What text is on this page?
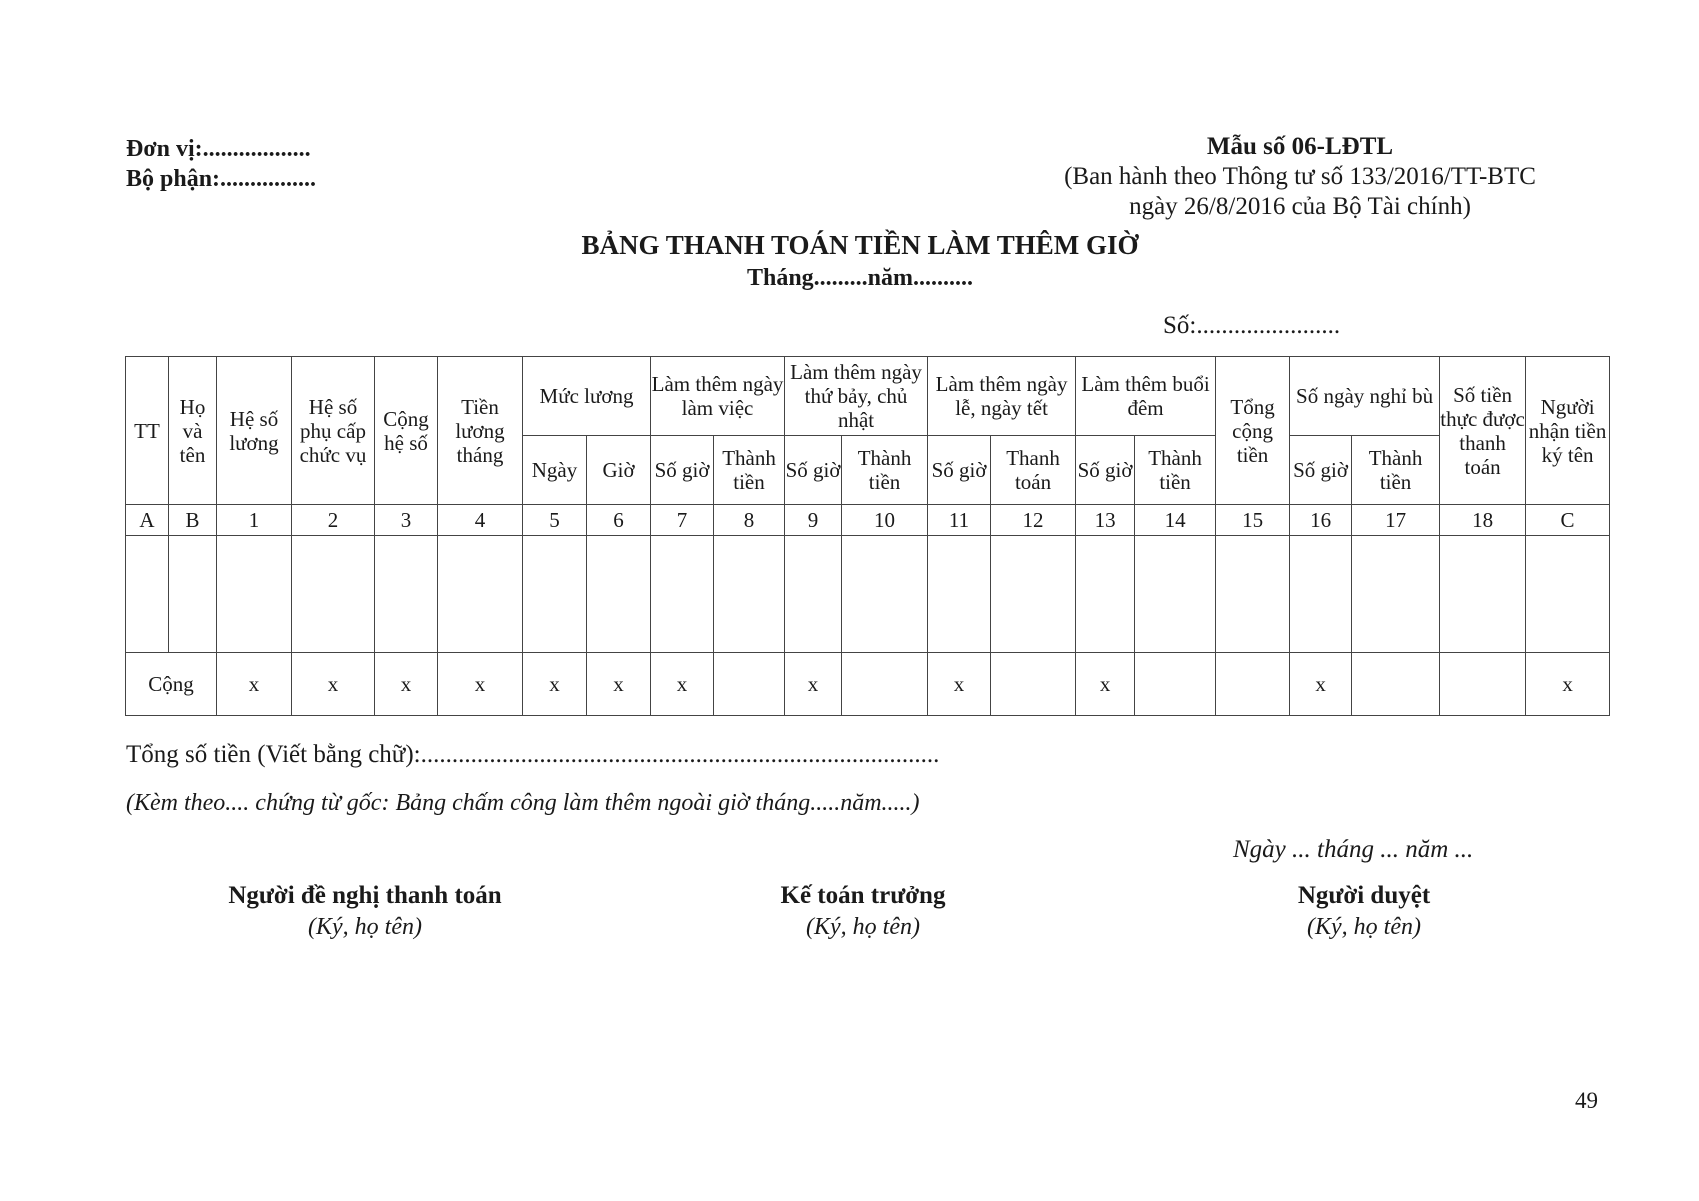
Đơn vị:..................
Bộ phận:................
Mẫu số 06-LĐTL
(Ban hành theo Thông tư số 133/2016/TT-BTC
ngày 26/8/2016 của Bộ Tài chính)
BẢNG THANH TOÁN TIỀN LÀM THÊM GIỜ
Tháng.........năm..........
Số:.......................
TT	Họ và tên	Hệ số lương	Hệ số phụ cấp chức vụ	Cộng hệ số	Tiền lương tháng	Mức lương		Làm thêm ngày làm việc		Làm thêm ngày thứ bảy, chủ nhật		Làm thêm ngày lễ, ngày tết		Làm thêm buổi đêm		Tổng cộng tiền	Số ngày nghỉ bù		Số tiền thực được thanh toán	Người nhận tiền ký tên
						Ngày	Giờ	Số giờ	Thành tiền	Số giờ	Thành tiền	Số giờ	Thanh toán	Số giờ	Thành tiền		Số giờ	Thành tiền		
A	B	1	2	3	4	5	6	7	8	9	10	11	12	13	14	15	16	17	18	C

Cộng		x	x	x	x	x	x	x		x		x		x			x			x
Tổng số tiền (Viết bằng chữ):...................................................................................
(Kèm theo.... chứng từ gốc: Bảng chấm công làm thêm ngoài giờ tháng.....năm.....)
Ngày ... tháng ... năm ...
Người đề nghị thanh toán
(Ký, họ tên)
Kế toán trưởng
(Ký, họ tên)
Người duyệt
(Ký, họ tên)
49
